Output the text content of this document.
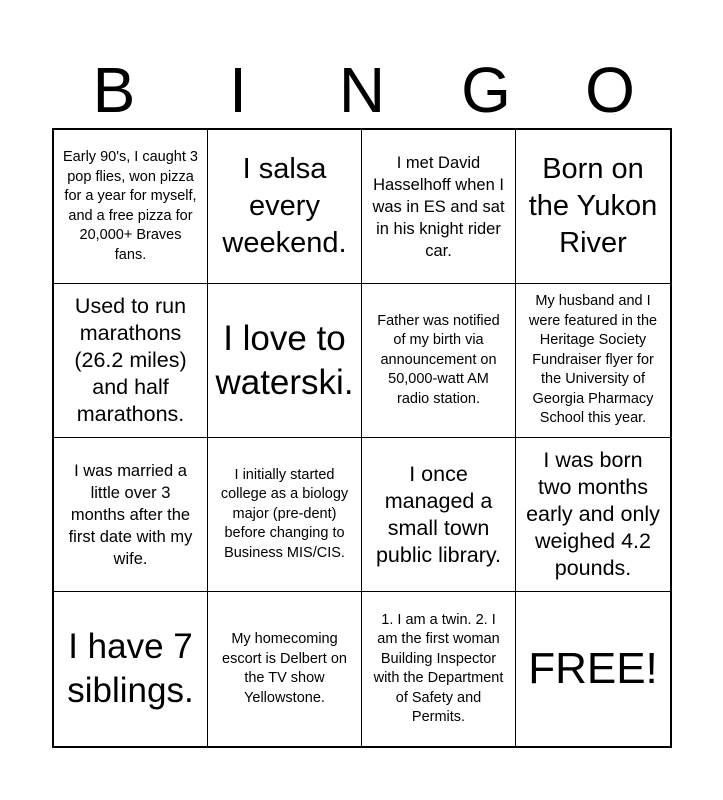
B	I	N	G	O
Early 90's, I caught 3 pop flies, won pizza for a year for myself, and a free pizza for 20,000+ Braves fans.
I salsa every weekend.
I met David Hasselhoff when I was in ES and sat in his knight rider car.
Born on the Yukon River
Used to run marathons (26.2 miles) and half marathons.
I love to waterski.
Father was notified of my birth via announcement on 50,000-watt AM radio station.
My husband and I were featured in the Heritage Society Fundraiser flyer for the University of Georgia Pharmacy School this year.
I was married a little over 3 months after the first date with my wife.
I initially started college as a biology major (pre-dent) before changing to Business MIS/CIS.
I once managed a small town public library.
I was born two months early and only weighed 4.2 pounds.
I have 7 siblings.
My homecoming escort is Delbert on the TV show Yellowstone.
1. I am a twin. 2. I am the first woman Building Inspector with the Department of Safety and Permits.
FREE!
